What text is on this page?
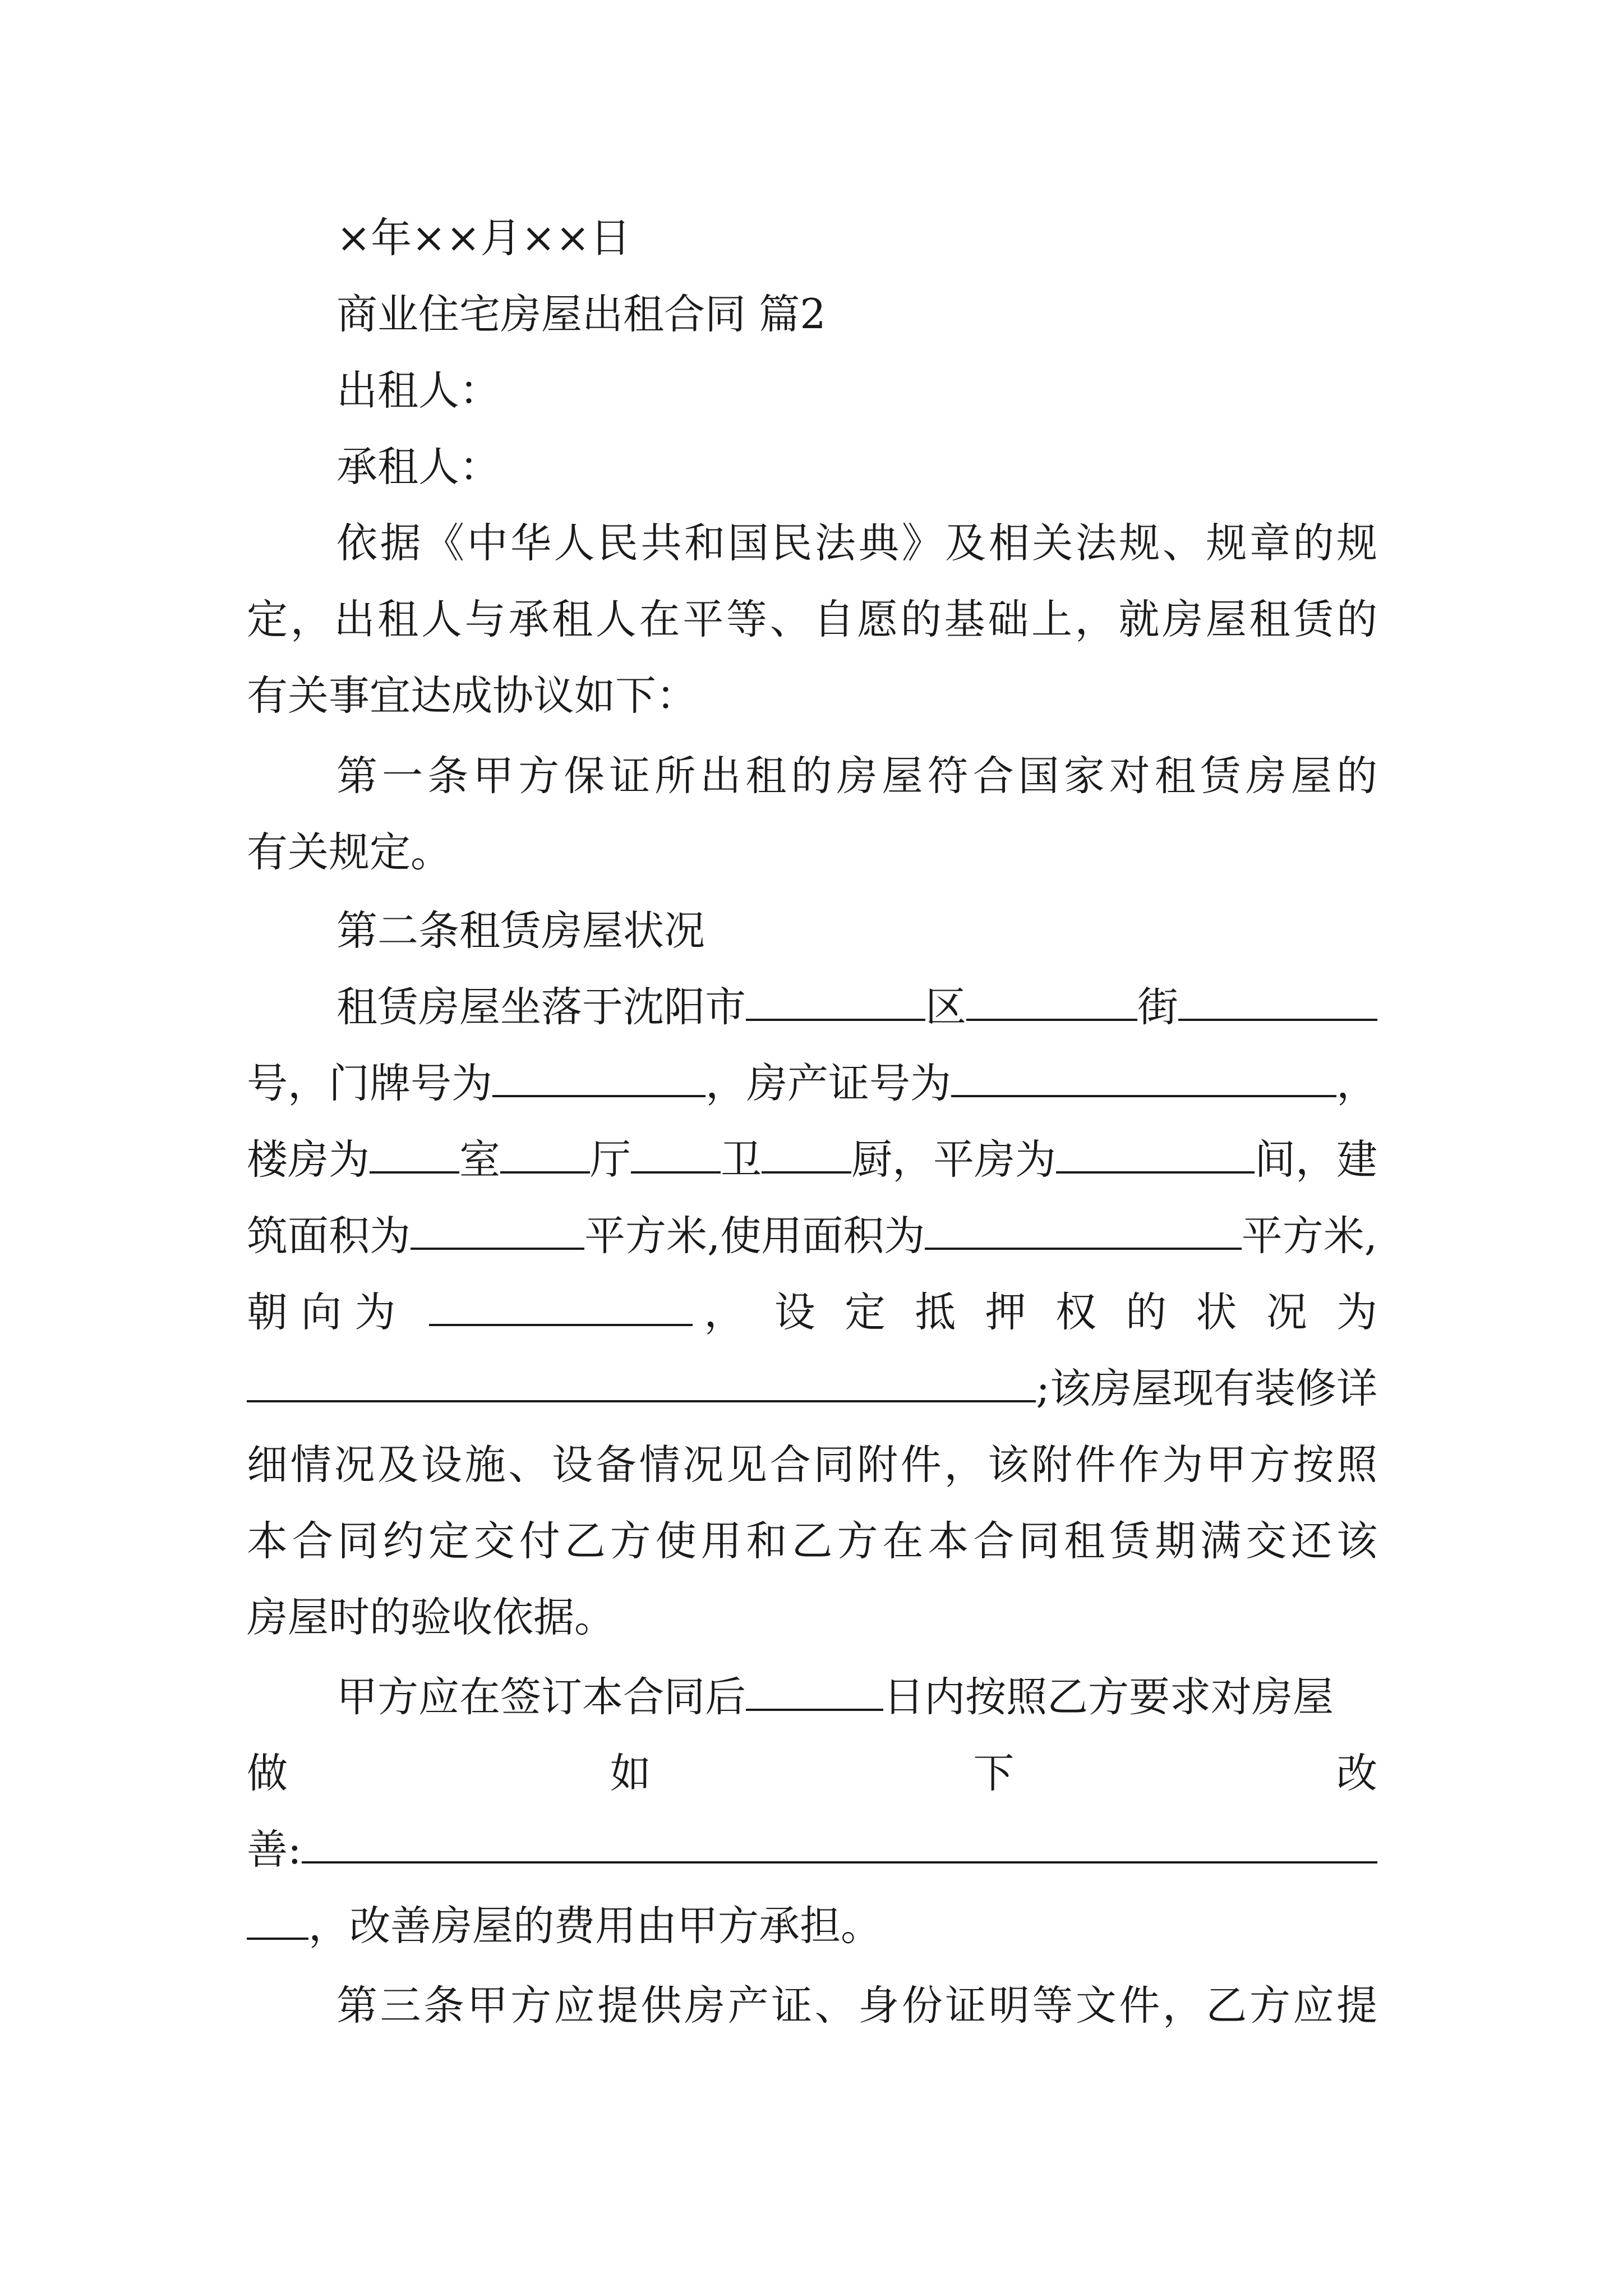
×年××月××日
商业住宅房屋出租合同 篇2
出租人：
承租人：
依据《中华人民共和国民法典》及相关法规、规章的规
定，出租人与承租人在平等、自愿的基础上，就房屋租赁的
有关事宜达成协议如下：
第一条甲方保证所出租的房屋符合国家对租赁房屋的
有关规定。
第二条租赁房屋状况
租赁房屋坐落于沈阳市	区	街
号，门牌号为	，房产证号为	，
楼房为 室 厅 卫 厨，平房为	间，建
筑面积为	平方米,使用面积为	平方米,
朝 向 为	， 设 定 抵 押 权 的 状 况 为
;该房屋现有装修详
细情况及设施、设备情况见合同附件，该附件作为甲方按照
本合同约定交付乙方使用和乙方在本合同租赁期满交还该
房屋时的验收依据。
甲方应在签订本合同后	日内按照乙方要求对房屋
做	如	下	改
善:
，改善房屋的费用由甲方承担。
第三条甲方应提供房产证、身份证明等文件，乙方应提
